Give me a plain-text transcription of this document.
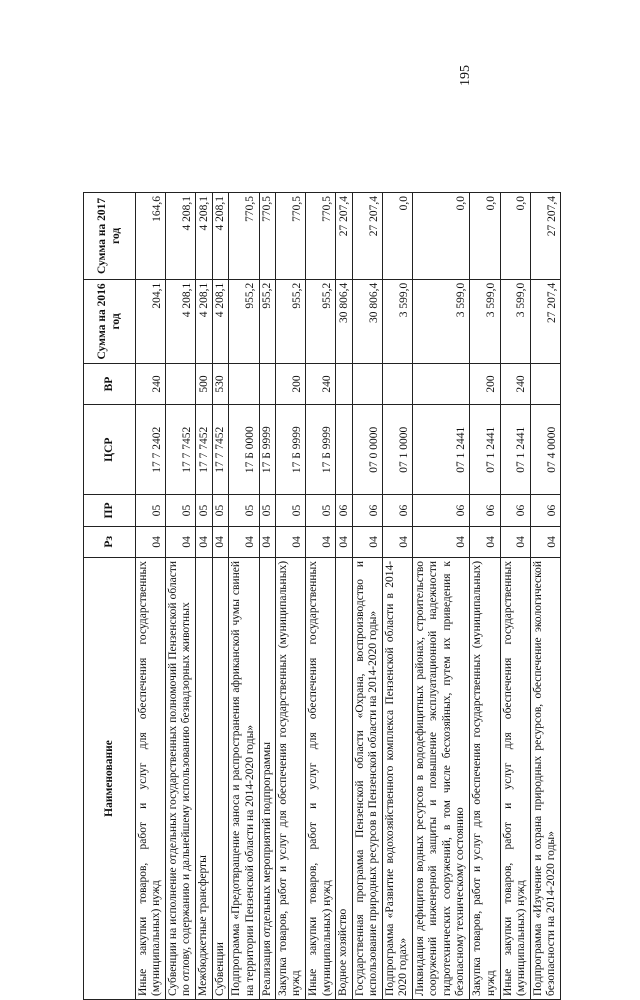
195
Наименование	Рз	ПР	ЦСР	ВР	Сумма на 2016 год	Сумма на 2017 год
Иные закупки товаров, работ и услуг для обеспечения государственных (муниципальных) нужд	04	05	17 7 2402	240	204,1	164,6
Субвенции на исполнение отдельных государственных полномочий Пензенской области по отлову, содержанию и дальнейшему использованию безнадзорных животных	04	05	17 7 7452		4 208,1	4 208,1
Межбюджетные трансферты	04	05	17 7 7452	500	4 208,1	4 208,1
Субвенции	04	05	17 7 7452	530	4 208,1	4 208,1
Подпрограмма «Предотвращение заноса и распространения африканской чумы свиней на территории Пензенской области на 2014-2020 годы»	04	05	17 Б 0000		955,2	770,5
Реализация отдельных мероприятий подпрограммы	04	05	17 Б 9999		955,2	770,5
Закупка товаров, работ и услуг для обеспечения государственных (муниципальных) нужд	04	05	17 Б 9999	200	955,2	770,5
Иные закупки товаров, работ и услуг для обеспечения государственных (муниципальных) нужд	04	05	17 Б 9999	240	955,2	770,5
Водное хозяйство	04	06			30 806,4	27 207,4
Государственная программа Пензенской области «Охрана, воспроизводство и использование природных ресурсов в Пензенской области на 2014-2020 годы»	04	06	07 0 0000		30 806,4	27 207,4
Подпрограмма «Развитие водохозяйственного комплекса Пензенской области в 2014-2020 годах»	04	06	07 1 0000		3 599,0	0,0
Ликвидация дефицитов водных ресурсов в вододефицитных районах, строительство сооружений инженерной защиты и повышение эксплуатационной надежности гидротехнических сооружений, в том числе бесхозяйных, путем их приведения к безопасному техническому состоянию	04	06	07 1 2441		3 599,0	0,0
Закупка товаров, работ и услуг для обеспечения государственных (муниципальных) нужд	04	06	07 1 2441	200	3 599,0	0,0
Иные закупки товаров, работ и услуг для обеспечения государственных (муниципальных) нужд	04	06	07 1 2441	240	3 599,0	0,0
Подпрограмма «Изучение и охрана природных ресурсов, обеспечение экологической безопасности на 2014-2020 годы»	04	06	07 4 0000		27 207,4	27 207,4
